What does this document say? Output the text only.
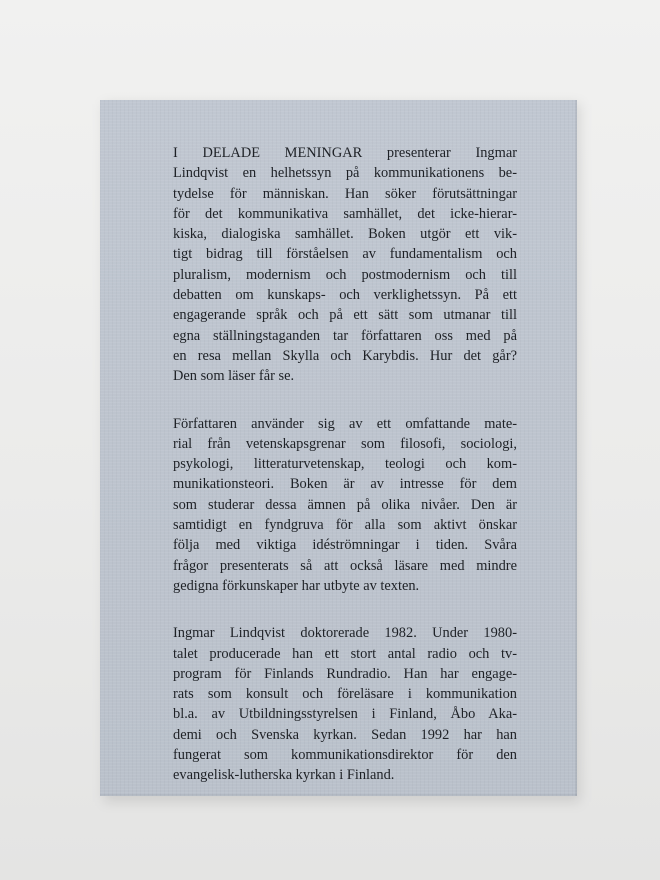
I DELADE MENINGAR presenterar Ingmar
Lindqvist en helhetssyn på kommunikationens be-
tydelse för människan. Han söker förutsättningar
för det kommunikativa samhället, det icke-hierar-
kiska, dialogiska samhället. Boken utgör ett vik-
tigt bidrag till förståelsen av fundamentalism och
pluralism, modernism och postmodernism och till
debatten om kunskaps- och verklighetssyn. På ett
engagerande språk och på ett sätt som utmanar till
egna ställningstaganden tar författaren oss med på
en resa mellan Skylla och Karybdis. Hur det går?
Den som läser får se.

Författaren använder sig av ett omfattande mate-
rial från vetenskapsgrenar som filosofi, sociologi,
psykologi, litteraturvetenskap, teologi och kom-
munikationsteori. Boken är av intresse för dem
som studerar dessa ämnen på olika nivåer. Den är
samtidigt en fyndgruva för alla som aktivt önskar
följa med viktiga idéströmningar i tiden. Svåra
frågor presenterats så att också läsare med mindre
gedigna förkunskaper har utbyte av texten.

Ingmar Lindqvist doktorerade 1982. Under 1980-
talet producerade han ett stort antal radio och tv-
program för Finlands Rundradio. Han har engage-
rats som konsult och föreläsare i kommunikation
bl.a. av Utbildningsstyrelsen i Finland, Åbo Aka-
demi och Svenska kyrkan. Sedan 1992 har han
fungerat som kommunikationsdirektor för den
evangelisk-lutherska kyrkan i Finland.
